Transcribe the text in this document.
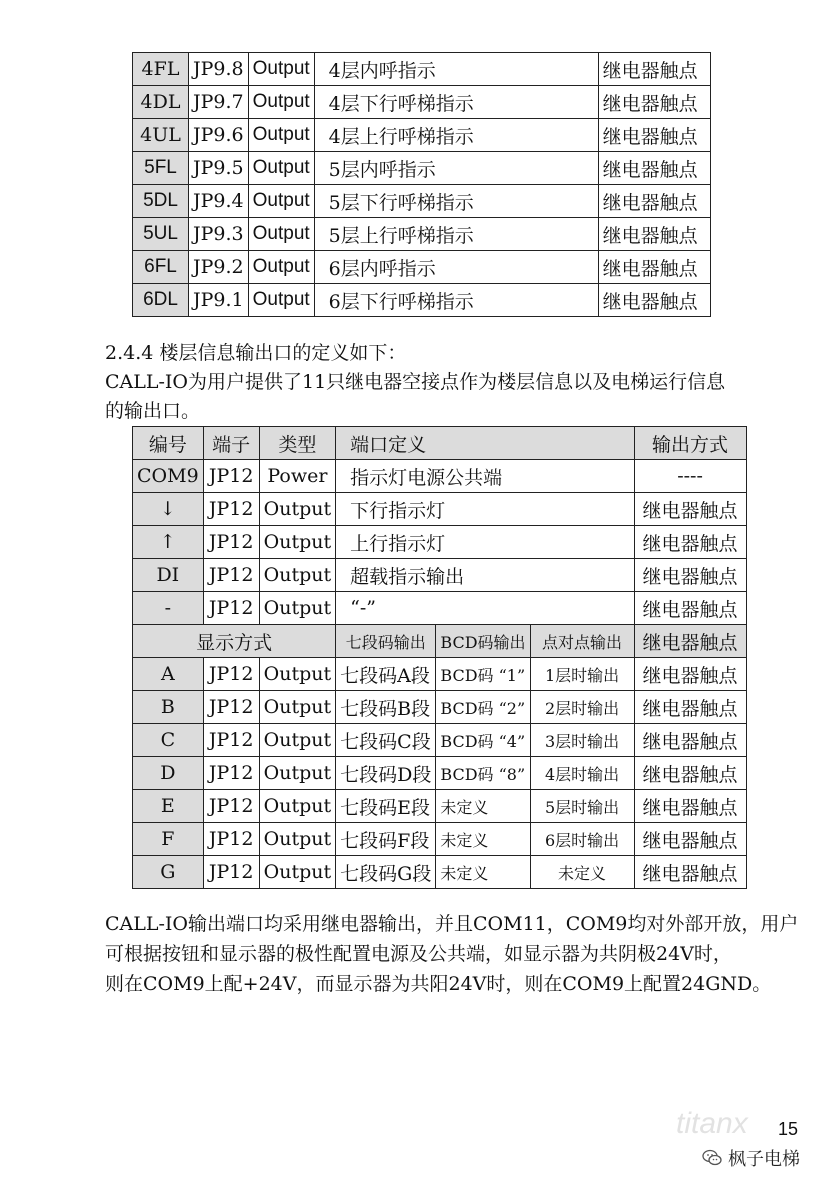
4FL	JP9.8	Output	4层内呼指示	继电器触点
4DL	JP9.7	Output	4层下行呼梯指示	继电器触点
4UL	JP9.6	Output	4层上行呼梯指示	继电器触点
5FL	JP9.5	Output	5层内呼指示	继电器触点
5DL	JP9.4	Output	5层下行呼梯指示	继电器触点
5UL	JP9.3	Output	5层上行呼梯指示	继电器触点
6FL	JP9.2	Output	6层内呼指示	继电器触点
6DL	JP9.1	Output	6层下行呼梯指示	继电器触点
2.4.4 楼层信息输出口的定义如下：
CALL-IO为用户提供了11只继电器空接点作为楼层信息以及电梯运行信息
的输出口。
编号	端子	类型	端口定义			输出方式
COM9	JP12	Power	指示灯电源公共端			----
↓	JP12	Output	下行指示灯			继电器触点
↑	JP12	Output	上行指示灯			继电器触点
DI	JP12	Output	超载指示输出			继电器触点
-	JP12	Output	“-”			继电器触点
显示方式			七段码输出	BCD码输出	点对点输出	继电器触点
A	JP12	Output	七段码A段	BCD码 “1”	1层时输出	继电器触点
B	JP12	Output	七段码B段	BCD码 “2”	2层时输出	继电器触点
C	JP12	Output	七段码C段	BCD码 “4”	3层时输出	继电器触点
D	JP12	Output	七段码D段	BCD码 “8”	4层时输出	继电器触点
E	JP12	Output	七段码E段	未定义	5层时输出	继电器触点
F	JP12	Output	七段码F段	未定义	6层时输出	继电器触点
G	JP12	Output	七段码G段	未定义	未定义	继电器触点
CALL-IO输出端口均采用继电器输出，并且COM11，COM9均对外部开放，用户
可根据按钮和显示器的极性配置电源及公共端，如显示器为共阴极24V时，
则在COM9上配+24V，而显示器为共阳24V时，则在COM9上配置24GND。
titanx 15
枫子电梯
